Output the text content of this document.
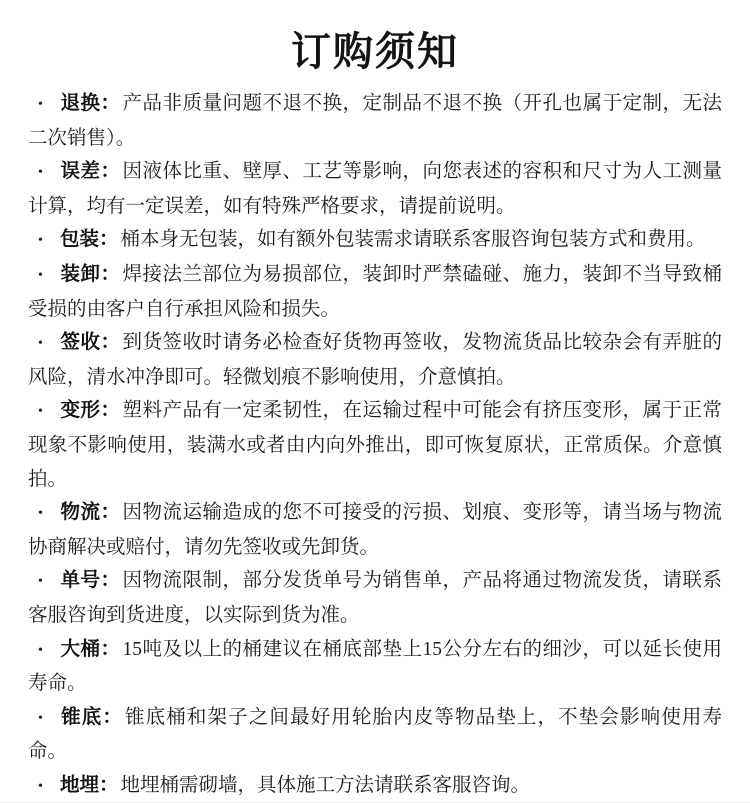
订购须知

• 退换： 产品非质量问题不退不换，定制品不退不换（开孔也属于定制，无法二次销售）。

• 误差： 因液体比重、壁厚、工艺等影响，向您表述的容积和尺寸为人工测量计算，均有一定误差，如有特殊严格要求，请提前说明。

• 包装： 桶本身无包装，如有额外包装需求请联系客服咨询包装方式和费用。

• 装卸： 焊接法兰部位为易损部位，装卸时严禁磕碰、施力，装卸不当导致桶受损的由客户自行承担风险和损失。

• 签收： 到货签收时请务必检查好货物再签收，发物流货品比较杂会有弄脏的风险，清水冲净即可。轻微划痕不影响使用，介意慎拍。

• 变形： 塑料产品有一定柔韧性，在运输过程中可能会有挤压变形，属于正常现象不影响使用，装满水或者由内向外推出，即可恢复原状，正常质保。介意慎拍。

• 物流： 因物流运输造成的您不可接受的污损、划痕、变形等，请当场与物流协商解决或赔付，请勿先签收或先卸货。

• 单号： 因物流限制，部分发货单号为销售单，产品将通过物流发货，请联系客服咨询到货进度，以实际到货为准。

• 大桶： 15吨及以上的桶建议在桶底部垫上15公分左右的细沙，可以延长使用寿命。

• 锥底： 锥底桶和架子之间最好用轮胎内皮等物品垫上，不垫会影响使用寿命。

• 地埋： 地埋桶需砌墙，具体施工方法请联系客服咨询。
